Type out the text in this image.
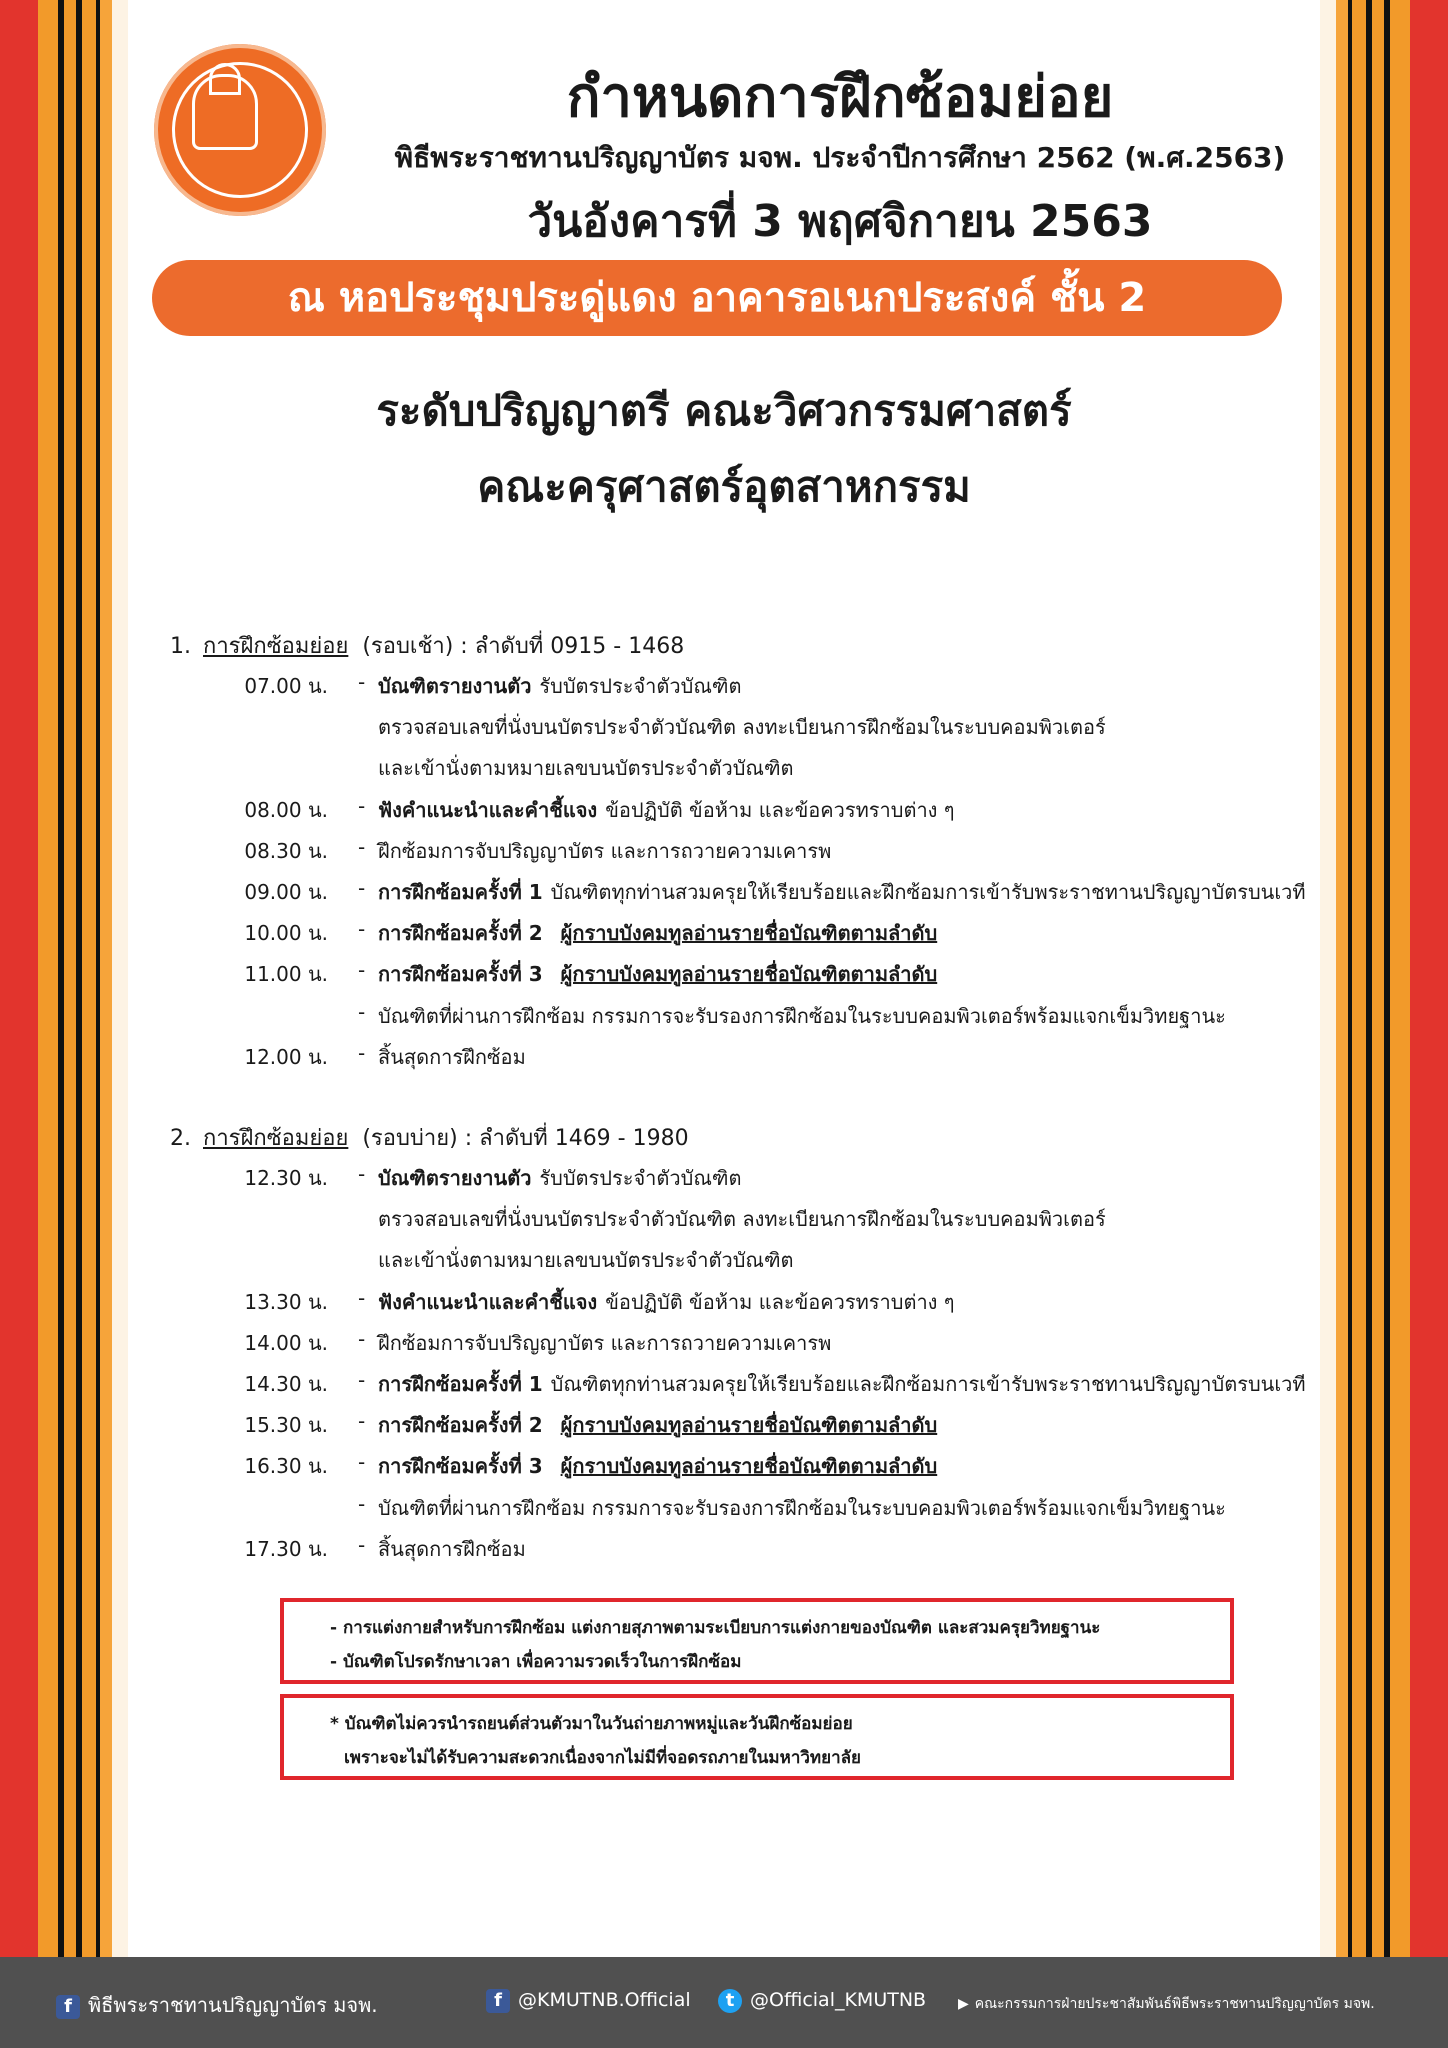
กำหนดการฝึกซ้อมย่อย
พิธีพระราชทานปริญญาบัตร มจพ. ประจำปีการศึกษา 2562 (พ.ศ.2563)
วันอังคารที่ 3 พฤศจิกายน 2563
ณ หอประชุมประดู่แดง อาคารอเนกประสงค์ ชั้น 2
ระดับปริญญาตรี คณะวิศวกรรมศาสตร์
คณะครุศาสตร์อุตสาหกรรม
1. การฝึกซ้อมย่อย (รอบเช้า) : ลำดับที่ 0915 - 1468
07.00 น. - บัณฑิตรายงานตัว รับบัตรประจำตัวบัณฑิต
ตรวจสอบเลขที่นั่งบนบัตรประจำตัวบัณฑิต ลงทะเบียนการฝึกซ้อมในระบบคอมพิวเตอร์
และเข้านั่งตามหมายเลขบนบัตรประจำตัวบัณฑิต
08.00 น. - ฟังคำแนะนำและคำชี้แจง ข้อปฏิบัติ ข้อห้าม และข้อควรทราบต่าง ๆ
08.30 น. - ฝึกซ้อมการจับปริญญาบัตร และการถวายความเคารพ
09.00 น. - การฝึกซ้อมครั้งที่ 1 บัณฑิตทุกท่านสวมครุยให้เรียบร้อยและฝึกซ้อมการเข้ารับพระราชทานปริญญาบัตรบนเวที
10.00 น. - การฝึกซ้อมครั้งที่ 2 ผู้กราบบังคมทูลอ่านรายชื่อบัณฑิตตามลำดับ
11.00 น. - การฝึกซ้อมครั้งที่ 3 ผู้กราบบังคมทูลอ่านรายชื่อบัณฑิตตามลำดับ
- บัณฑิตที่ผ่านการฝึกซ้อม กรรมการจะรับรองการฝึกซ้อมในระบบคอมพิวเตอร์พร้อมแจกเข็มวิทยฐานะ
12.00 น. - สิ้นสุดการฝึกซ้อม
2. การฝึกซ้อมย่อย (รอบบ่าย) : ลำดับที่ 1469 - 1980
12.30 น. - บัณฑิตรายงานตัว รับบัตรประจำตัวบัณฑิต
ตรวจสอบเลขที่นั่งบนบัตรประจำตัวบัณฑิต ลงทะเบียนการฝึกซ้อมในระบบคอมพิวเตอร์
และเข้านั่งตามหมายเลขบนบัตรประจำตัวบัณฑิต
13.30 น. - ฟังคำแนะนำและคำชี้แจง ข้อปฏิบัติ ข้อห้าม และข้อควรทราบต่าง ๆ
14.00 น. - ฝึกซ้อมการจับปริญญาบัตร และการถวายความเคารพ
14.30 น. - การฝึกซ้อมครั้งที่ 1 บัณฑิตทุกท่านสวมครุยให้เรียบร้อยและฝึกซ้อมการเข้ารับพระราชทานปริญญาบัตรบนเวที
15.30 น. - การฝึกซ้อมครั้งที่ 2 ผู้กราบบังคมทูลอ่านรายชื่อบัณฑิตตามลำดับ
16.30 น. - การฝึกซ้อมครั้งที่ 3 ผู้กราบบังคมทูลอ่านรายชื่อบัณฑิตตามลำดับ
- บัณฑิตที่ผ่านการฝึกซ้อม กรรมการจะรับรองการฝึกซ้อมในระบบคอมพิวเตอร์พร้อมแจกเข็มวิทยฐานะ
17.30 น. - สิ้นสุดการฝึกซ้อม
- การแต่งกายสำหรับการฝึกซ้อม แต่งกายสุภาพตามระเบียบการแต่งกายของบัณฑิต และสวมครุยวิทยฐานะ
- บัณฑิตโปรดรักษาเวลา เพื่อความรวดเร็วในการฝึกซ้อม
* บัณฑิตไม่ควรนำรถยนต์ส่วนตัวมาในวันถ่ายภาพหมู่และวันฝึกซ้อมย่อย
เพราะจะไม่ได้รับความสะดวกเนื่องจากไม่มีที่จอดรถภายในมหาวิทยาลัย
f พิธีพระราชทานปริญญาบัตร มจพ.	f @KMUTNB.Official	t @Official_KMUTNB ▶ คณะกรรมการฝ่ายประชาสัมพันธ์พิธีพระราชทานปริญญาบัตร มจพ.
